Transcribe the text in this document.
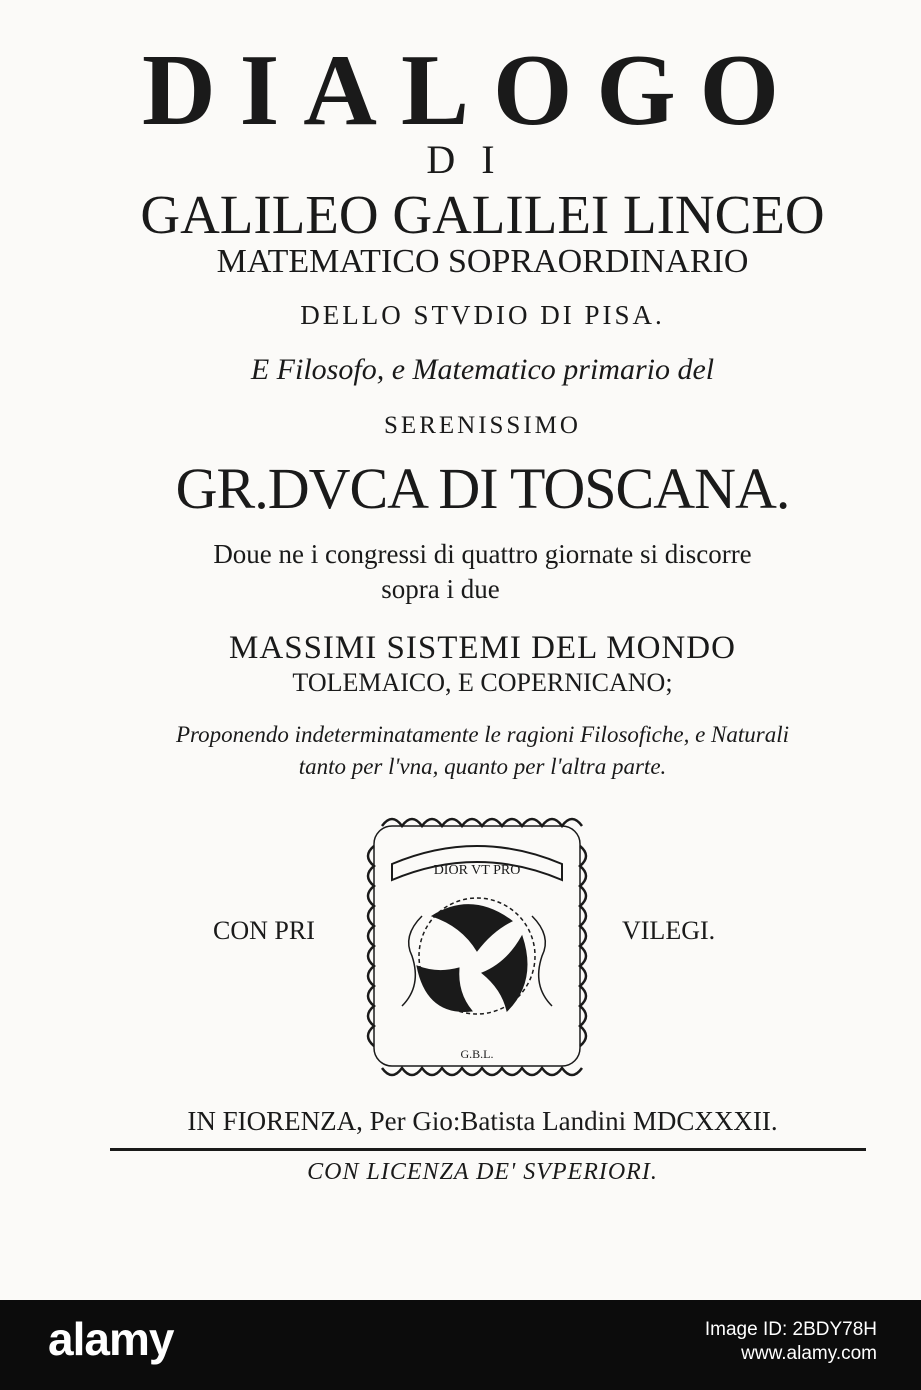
DIALOGO
DI
GALILEO GALILEI LINCEO
MATEMATICO SOPRAORDINARIO
DELLO STVDIO DI PISA.
E Filosofo, e Matematico primario del
SERENISSIMO
GR.DVCA DI TOSCANA.
Doue ne i congressi di quattro giornate si discorre
sopra i due
MASSIMI SISTEMI DEL MONDO
TOLEMAICO, E COPERNICANO;
Proponendo indeterminatamente le ragioni Filosofiche, e Naturali
tanto per l'vna, quanto per l'altra parte.
CON PRI	VILEGI.
DIOR VT PRO
G.B.L.
IN FIORENZA, Per Gio:Batista Landini MDCXXXII.
CON LICENZA DE' SVPERIORI.
alamy	Image ID: 2BDY78H
www.alamy.com
